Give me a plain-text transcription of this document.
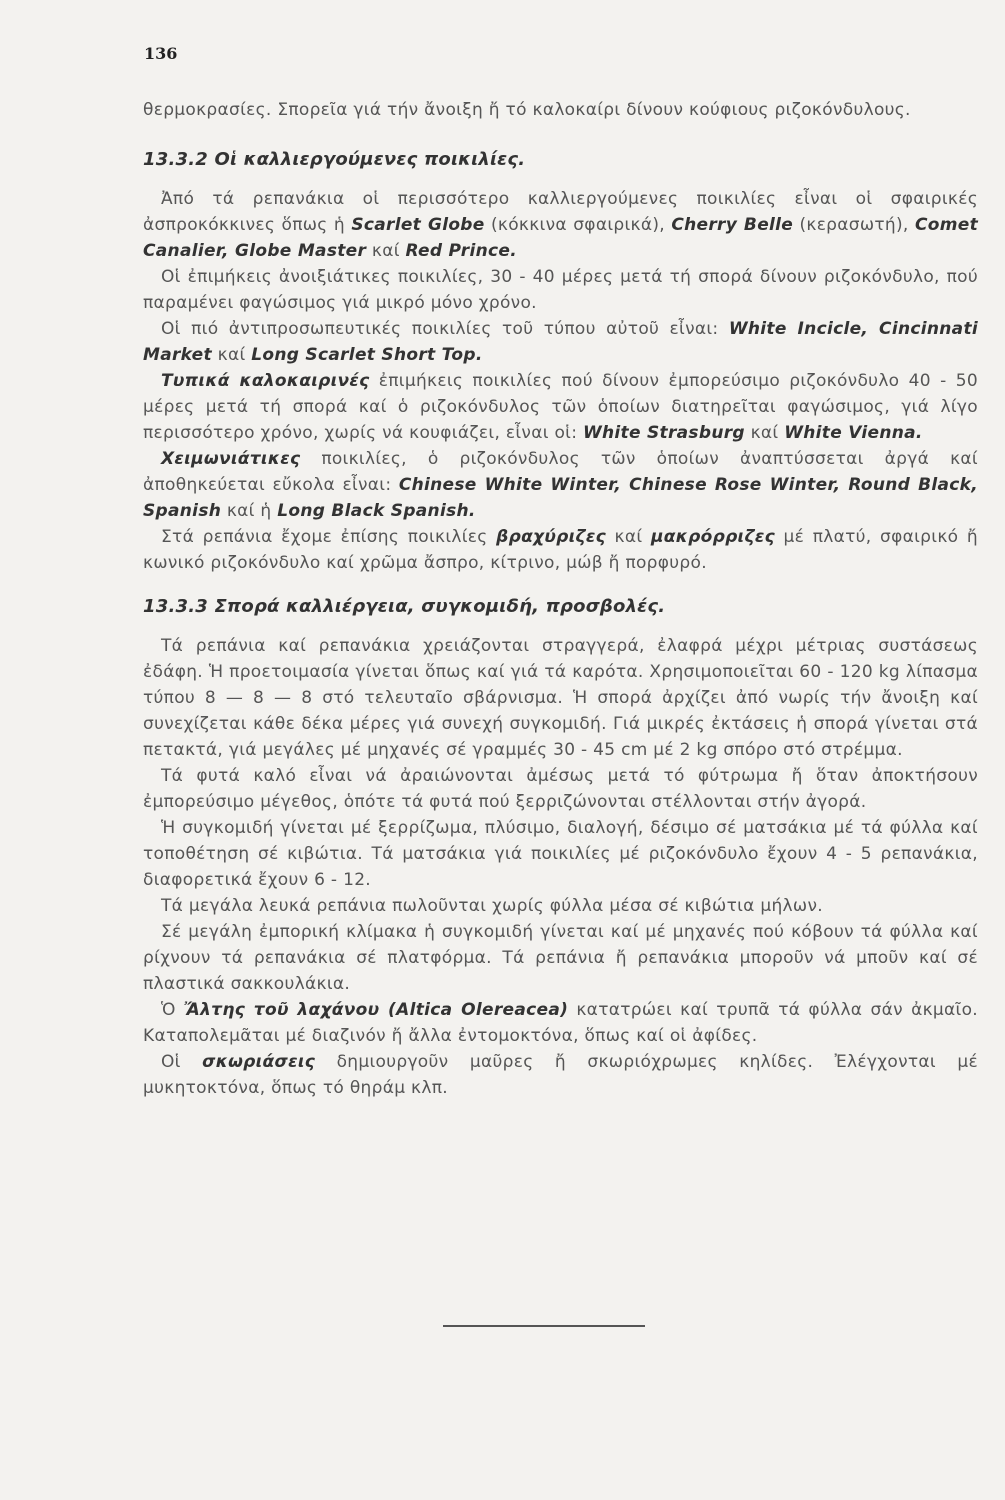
136

θερμοκρασίες. Σπορεῖα γιά τήν ἄνοιξη ἤ τό καλοκαίρι δίνουν κούφιους ριζοκόνδυλους.

13.3.2 Οἱ καλλιεργούμενες ποικιλίες.

Ἀπό τά ρεπανάκια οἱ περισσότερο καλλιεργούμενες ποικιλίες εἶναι οἱ σφαιρικές ἀσπροκόκκινες ὅπως ἡ Scarlet Globe (κόκκινα σφαιρικά), Cherry Belle (κερασωτή), Comet Canalier, Globe Master καί Red Prince.

Οἱ ἐπιμήκεις ἀνοιξιάτικες ποικιλίες, 30 - 40 μέρες μετά τή σπορά δίνουν ριζοκόνδυλο, πού παραμένει φαγώσιμος γιά μικρό μόνο χρόνο.

Οἱ πιό ἀντιπροσωπευτικές ποικιλίες τοῦ τύπου αὐτοῦ εἶναι: White Incicle, Cincinnati Market καί Long Scarlet Short Top.

Τυπικά καλοκαιρινές ἐπιμήκεις ποικιλίες πού δίνουν ἐμπορεύσιμο ριζοκόνδυλο 40 - 50 μέρες μετά τή σπορά καί ὁ ριζοκόνδυλος τῶν ὁποίων διατηρεῖται φαγώσιμος, γιά λίγο περισσότερο χρόνο, χωρίς νά κουφιάζει, εἶναι οἱ: White Strasburg καί White Vienna.

Χειμωνιάτικες ποικιλίες, ὁ ριζοκόνδυλος τῶν ὁποίων ἀναπτύσσεται ἀργά καί ἀποθηκεύεται εὔκολα εἶναι: Chinese White Winter, Chinese Rose Winter, Round Black, Spanish καί ἡ Long Black Spanish.

Στά ρεπάνια ἔχομε ἐπίσης ποικιλίες βραχύριζες καί μακρόρριζες μέ πλατύ, σφαιρικό ἤ κωνικό ριζοκόνδυλο καί χρῶμα ἄσπρο, κίτρινο, μώβ ἤ πορφυρό.

13.3.3 Σπορά καλλιέργεια, συγκομιδή, προσβολές.

Τά ρεπάνια καί ρεπανάκια χρειάζονται στραγγερά, ἐλαφρά μέχρι μέτριας συστάσεως ἐδάφη. Ἡ προετοιμασία γίνεται ὅπως καί γιά τά καρότα. Χρησιμοποιεῖται 60 - 120 kg λίπασμα τύπου 8 — 8 — 8 στό τελευταῖο σβάρνισμα. Ἡ σπορά ἀρχίζει ἀπό νωρίς τήν ἄνοιξη καί συνεχίζεται κάθε δέκα μέρες γιά συνεχή συγκομιδή. Γιά μικρές ἐκτάσεις ἡ σπορά γίνεται στά πετακτά, γιά μεγάλες μέ μηχανές σέ γραμμές 30 - 45 cm μέ 2 kg σπόρο στό στρέμμα.

Τά φυτά καλό εἶναι νά ἀραιώνονται ἀμέσως μετά τό φύτρωμα ἤ ὅταν ἀποκτήσουν ἐμπορεύσιμο μέγεθος, ὁπότε τά φυτά πού ξερριζώνονται στέλλονται στήν ἀγορά.

Ἡ συγκομιδή γίνεται μέ ξερρίζωμα, πλύσιμο, διαλογή, δέσιμο σέ ματσάκια μέ τά φύλλα καί τοποθέτηση σέ κιβώτια. Τά ματσάκια γιά ποικιλίες μέ ριζοκόνδυλο ἔχουν 4 - 5 ρεπανάκια, διαφορετικά ἔχουν 6 - 12.

Τά μεγάλα λευκά ρεπάνια πωλοῦνται χωρίς φύλλα μέσα σέ κιβώτια μήλων.

Σέ μεγάλη ἐμπορική κλίμακα ἡ συγκομιδή γίνεται καί μέ μηχανές πού κόβουν τά φύλλα καί ρίχνουν τά ρεπανάκια σέ πλατφόρμα. Τά ρεπάνια ἤ ρεπανάκια μποροῦν νά μποῦν καί σέ πλαστικά σακκουλάκια.

Ὁ Ἄλτης τοῦ λαχάνου (Altica Olereacea) κατατρώει καί τρυπᾶ τά φύλλα σάν ἀκμαῖο. Καταπολεμᾶται μέ διαζινόν ἤ ἄλλα ἐντομοκτόνα, ὅπως καί οἱ ἀφίδες.

Οἱ σκωριάσεις δημιουργοῦν μαῦρες ἤ σκωριόχρωμες κηλίδες. Ἐλέγχονται μέ μυκητοκτόνα, ὅπως τό θηράμ κλπ.
